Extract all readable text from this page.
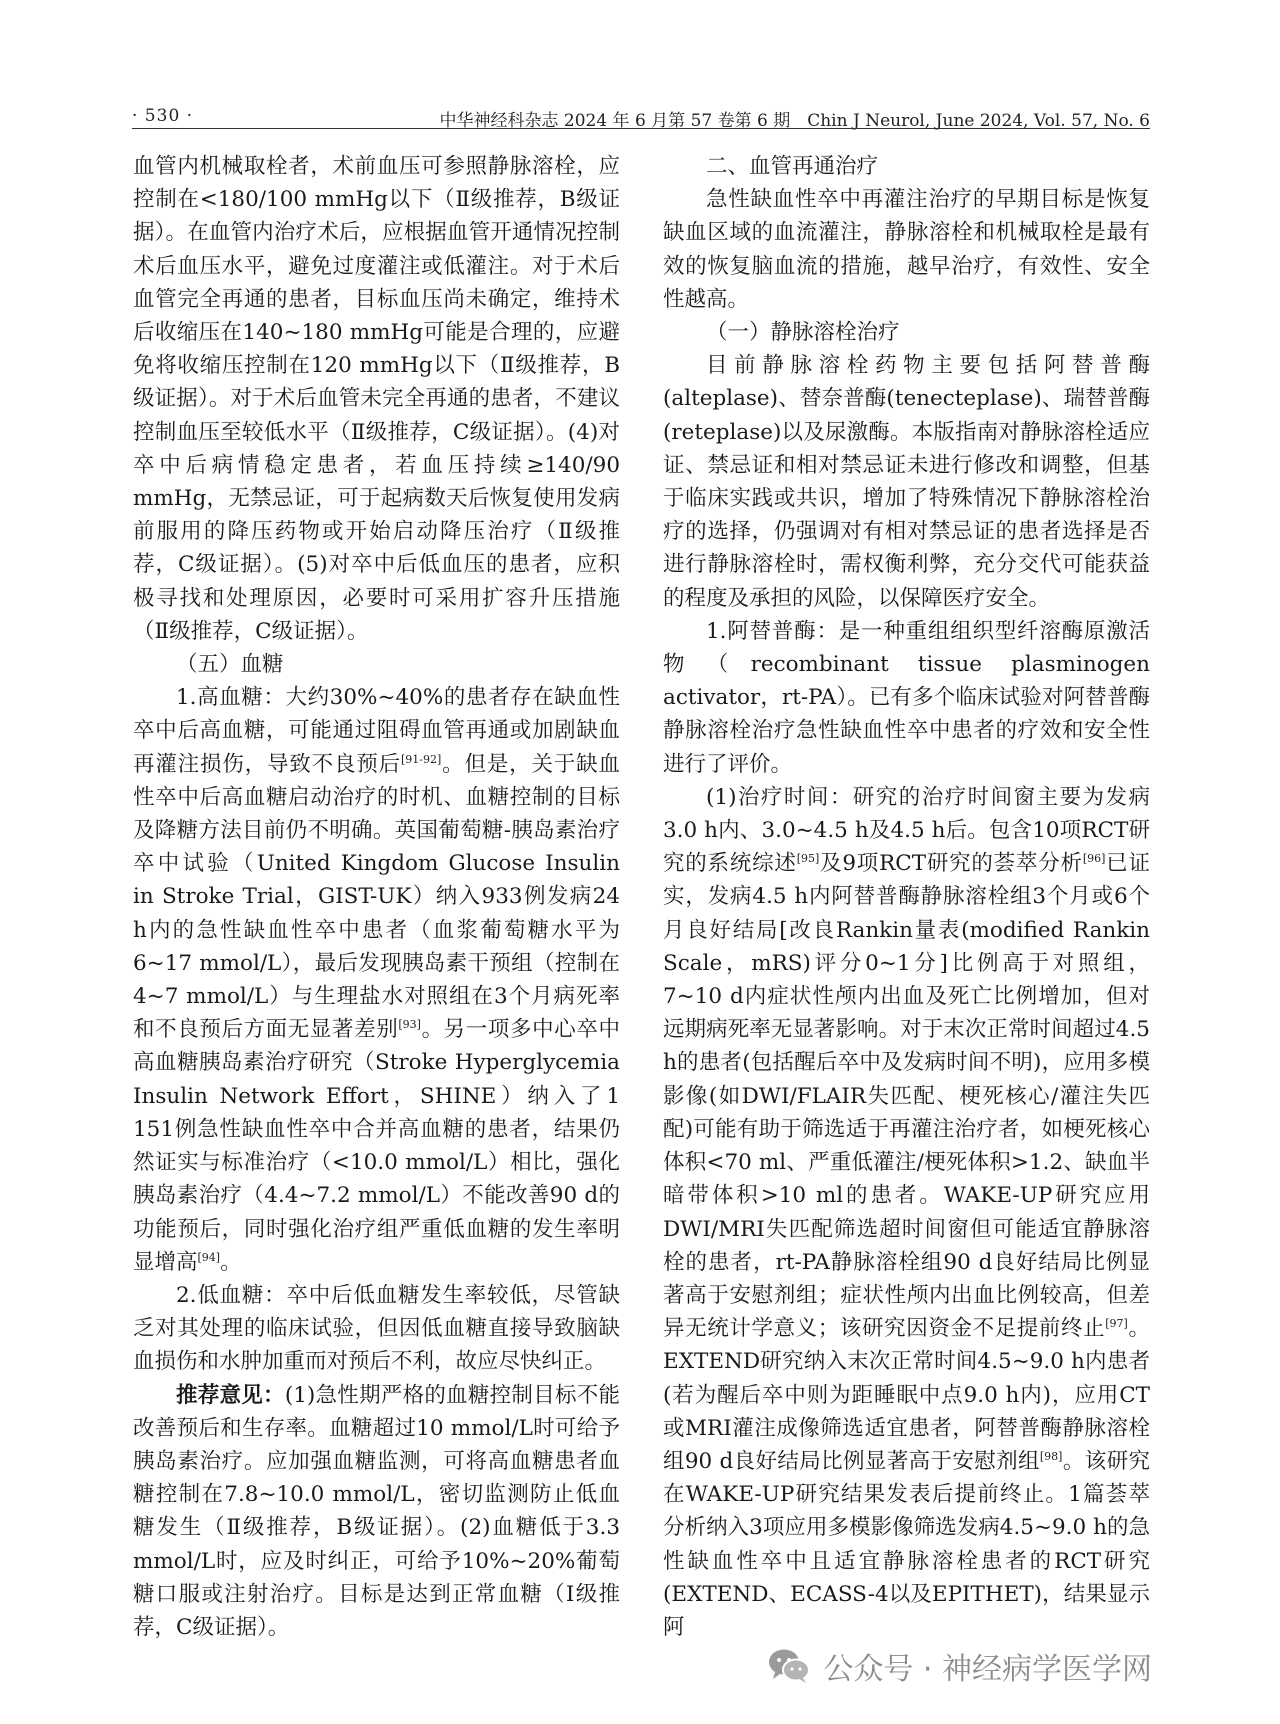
· 530 ·	中华神经科杂志 2024 年 6 月第 57 卷第 6 期　Chin J Neurol, June 2024, Vol. 57, No. 6

血管内机械取栓者，术前血压可参照静脉溶栓，应控制在<180/100 mmHg以下（Ⅱ级推荐，B级证据）。在血管内治疗术后，应根据血管开通情况控制术后血压水平，避免过度灌注或低灌注。对于术后血管完全再通的患者，目标血压尚未确定，维持术后收缩压在140~180 mmHg可能是合理的，应避免将收缩压控制在120 mmHg以下（Ⅱ级推荐，B级证据）。对于术后血管未完全再通的患者，不建议控制血压至较低水平（Ⅱ级推荐，C级证据）。(4)对卒中后病情稳定患者，若血压持续≥140/90 mmHg，无禁忌证，可于起病数天后恢复使用发病前服用的降压药物或开始启动降压治疗（Ⅱ级推荐，C级证据）。(5)对卒中后低血压的患者，应积极寻找和处理原因，必要时可采用扩容升压措施（Ⅱ级推荐，C级证据）。

（五）血糖

1.高血糖：大约30%~40%的患者存在缺血性卒中后高血糖，可能通过阻碍血管再通或加剧缺血再灌注损伤，导致不良预后[91-92]。但是，关于缺血性卒中后高血糖启动治疗的时机、血糖控制的目标及降糖方法目前仍不明确。英国葡萄糖-胰岛素治疗卒中试验（United Kingdom Glucose Insulin in Stroke Trial，GIST-UK）纳入933例发病24 h内的急性缺血性卒中患者（血浆葡萄糖水平为6~17 mmol/L），最后发现胰岛素干预组（控制在4~7 mmol/L）与生理盐水对照组在3个月病死率和不良预后方面无显著差别[93]。另一项多中心卒中高血糖胰岛素治疗研究（Stroke Hyperglycemia Insulin Network Effort，SHINE）纳入了1 151例急性缺血性卒中合并高血糖的患者，结果仍然证实与标准治疗（<10.0 mmol/L）相比，强化胰岛素治疗（4.4~7.2 mmol/L）不能改善90 d的功能预后，同时强化治疗组严重低血糖的发生率明显增高[94]。

2.低血糖：卒中后低血糖发生率较低，尽管缺乏对其处理的临床试验，但因低血糖直接导致脑缺血损伤和水肿加重而对预后不利，故应尽快纠正。

推荐意见：(1)急性期严格的血糖控制目标不能改善预后和生存率。血糖超过10 mmol/L时可给予胰岛素治疗。应加强血糖监测，可将高血糖患者血糖控制在7.8~10.0 mmol/L，密切监测防止低血糖发生（Ⅱ级推荐，B级证据）。(2)血糖低于3.3 mmol/L时，应及时纠正，可给予10%~20%葡萄糖口服或注射治疗。目标是达到正常血糖（Ⅰ级推荐，C级证据）。

二、血管再通治疗

急性缺血性卒中再灌注治疗的早期目标是恢复缺血区域的血流灌注，静脉溶栓和机械取栓是最有效的恢复脑血流的措施，越早治疗，有效性、安全性越高。

（一）静脉溶栓治疗

目前静脉溶栓药物主要包括阿替普酶(alteplase)、替奈普酶(tenecteplase)、瑞替普酶(reteplase)以及尿激酶。本版指南对静脉溶栓适应证、禁忌证和相对禁忌证未进行修改和调整，但基于临床实践或共识，增加了特殊情况下静脉溶栓治疗的选择，仍强调对有相对禁忌证的患者选择是否进行静脉溶栓时，需权衡利弊，充分交代可能获益的程度及承担的风险，以保障医疗安全。

1.阿替普酶：是一种重组组织型纤溶酶原激活物（recombinant tissue plasminogen activator，rt-PA）。已有多个临床试验对阿替普酶静脉溶栓治疗急性缺血性卒中患者的疗效和安全性进行了评价。

(1)治疗时间：研究的治疗时间窗主要为发病3.0 h内、3.0~4.5 h及4.5 h后。包含10项RCT研究的系统综述[95]及9项RCT研究的荟萃分析[96]已证实，发病4.5 h内阿替普酶静脉溶栓组3个月或6个月良好结局[改良Rankin量表(modified Rankin Scale，mRS)评分0~1分]比例高于对照组，7~10 d内症状性颅内出血及死亡比例增加，但对远期病死率无显著影响。对于末次正常时间超过4.5 h的患者(包括醒后卒中及发病时间不明)，应用多模影像(如DWI/FLAIR失匹配、梗死核心/灌注失匹配)可能有助于筛选适于再灌注治疗者，如梗死核心体积<70 ml、严重低灌注/梗死体积>1.2、缺血半暗带体积>10 ml的患者。WAKE-UP研究应用DWI/MRI失匹配筛选超时间窗但可能适宜静脉溶栓的患者，rt-PA静脉溶栓组90 d良好结局比例显著高于安慰剂组；症状性颅内出血比例较高，但差异无统计学意义；该研究因资金不足提前终止[97]。EXTEND研究纳入末次正常时间4.5~9.0 h内患者(若为醒后卒中则为距睡眠中点9.0 h内)，应用CT或MRI灌注成像筛选适宜患者，阿替普酶静脉溶栓组90 d良好结局比例显著高于安慰剂组[98]。该研究在WAKE-UP研究结果发表后提前终止。1篇荟萃分析纳入3项应用多模影像筛选发病4.5~9.0 h的急性缺血性卒中且适宜静脉溶栓患者的RCT研究(EXTEND、ECASS-4以及EPITHET)，结果显示阿

公众号 · 神经病学医学网
